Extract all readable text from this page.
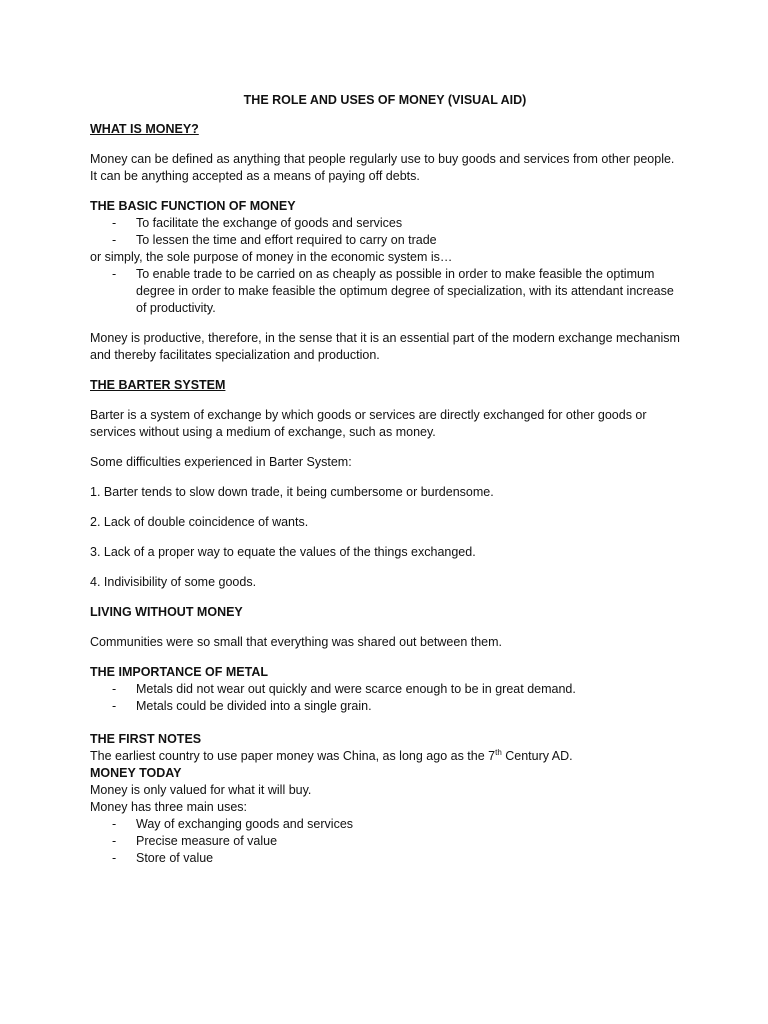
THE ROLE AND USES OF MONEY (VISUAL AID)

WHAT IS MONEY?

Money can be defined as anything that people regularly use to buy goods and services from other people. It can be anything accepted as a means of paying off debts.

THE BASIC FUNCTION OF MONEY

- To facilitate the exchange of goods and services
- To lessen the time and effort required to carry on trade

or simply, the sole purpose of money in the economic system is…

- To enable trade to be carried on as cheaply as possible in order to make feasible the optimum degree in order to make feasible the optimum degree of specialization, with its attendant increase of productivity.

Money is productive, therefore, in the sense that it is an essential part of the modern exchange mechanism and thereby facilitates specialization and production.

THE BARTER SYSTEM

Barter is a system of exchange by which goods or services are directly exchanged for other goods or services without using a medium of exchange, such as money.

Some difficulties experienced in Barter System:

1. Barter tends to slow down trade, it being cumbersome or burdensome.

2. Lack of double coincidence of wants.

3. Lack of a proper way to equate the values of the things exchanged.

4. Indivisibility of some goods.

LIVING WITHOUT MONEY

Communities were so small that everything was shared out between them.

THE IMPORTANCE OF METAL

- Metals did not wear out quickly and were scarce enough to be in great demand.
- Metals could be divided into a single grain.

THE FIRST NOTES

The earliest country to use paper money was China, as long ago as the 7th Century AD.

MONEY TODAY

Money is only valued for what it will buy.

Money has three main uses:

- Way of exchanging goods and services
- Precise measure of value
- Store of value
